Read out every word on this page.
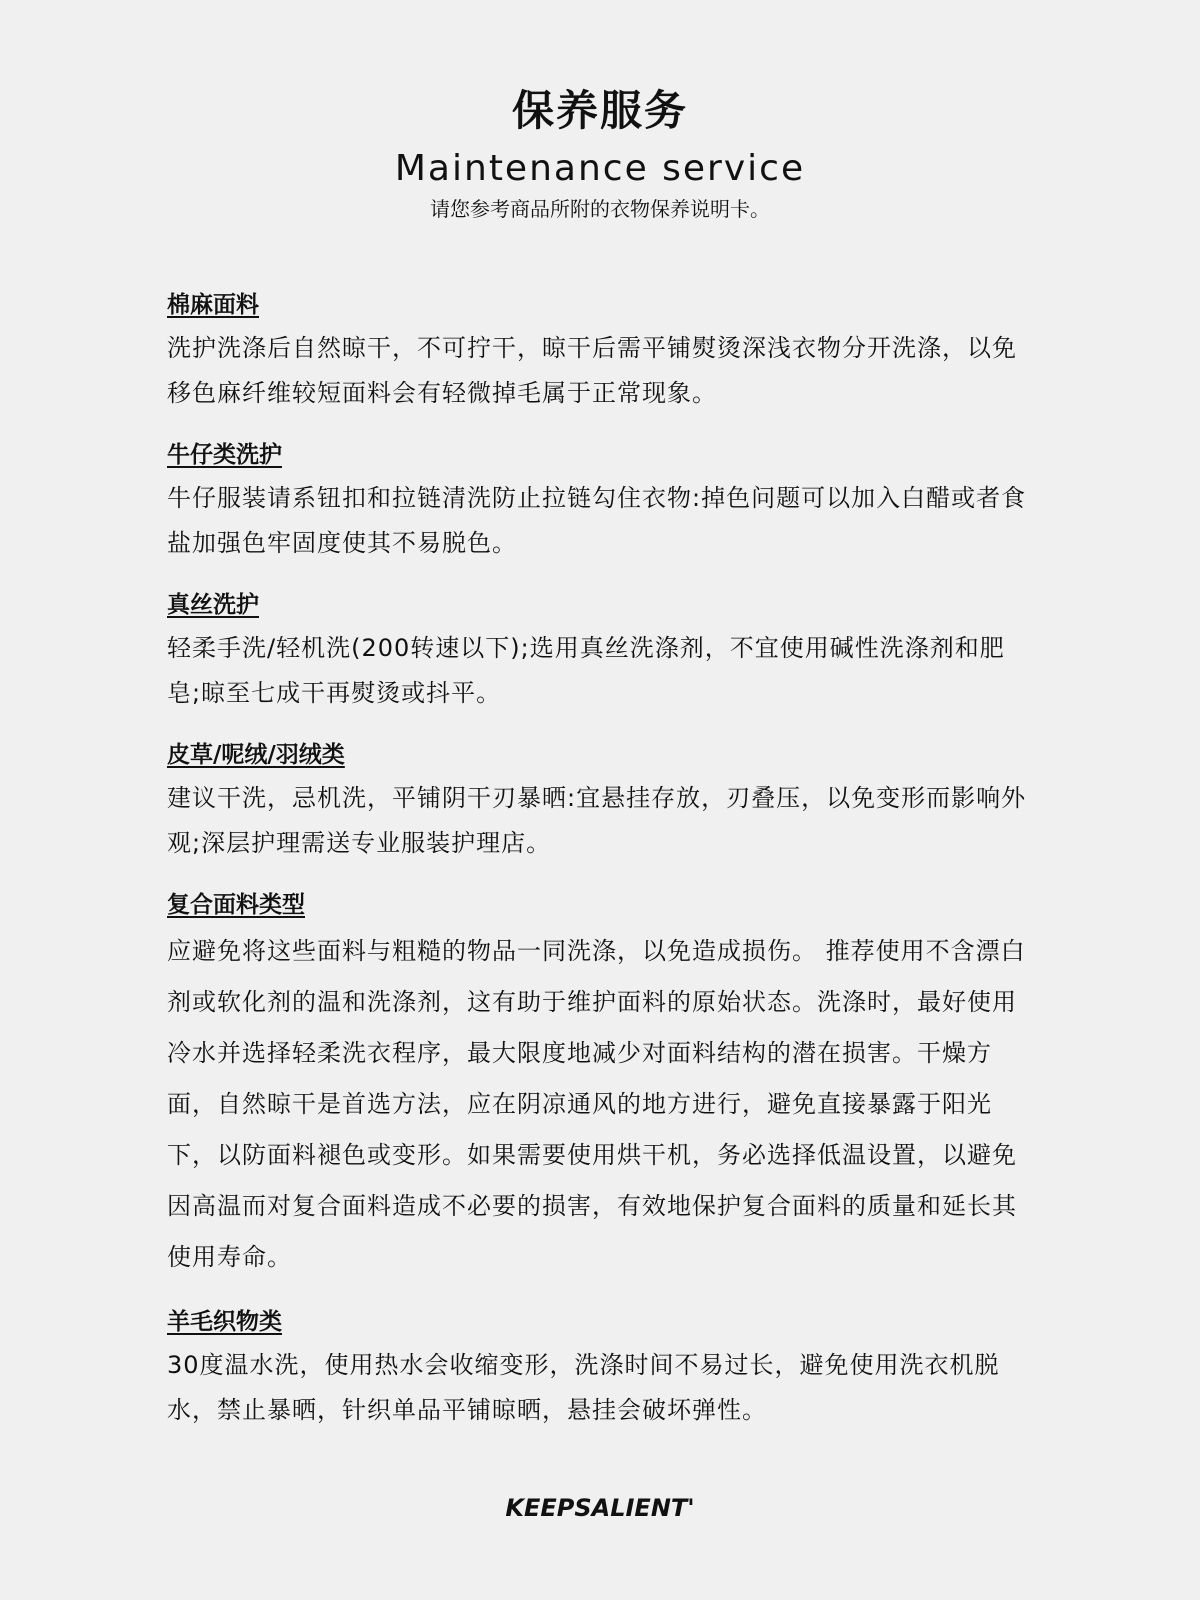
保养服务
Maintenance service

请您参考商品所附的衣物保养说明卡。

棉麻面料

洗护洗涤后自然晾干，不可拧干，晾干后需平铺熨烫深浅衣物分开洗涤，以免移色麻纤维较短面料会有轻微掉毛属于正常现象。

牛仔类洗护

牛仔服装请系钮扣和拉链清洗防止拉链勾住衣物:掉色问题可以加入白醋或者食盐加强色牢固度使其不易脱色。

真丝洗护

轻柔手洗/轻机洗(200转速以下);选用真丝洗涤剂，不宜使用碱性洗涤剂和肥皂;晾至七成干再熨烫或抖平。

皮草/呢绒/羽绒类

建议干洗，忌机洗，平铺阴干刃暴晒:宜悬挂存放，刃叠压，以免变形而影响外观;深层护理需送专业服装护理店。

复合面料类型

应避免将这些面料与粗糙的物品一同洗涤，以免造成损伤。 推荐使用不含漂白剂或软化剂的温和洗涤剂，这有助于维护面料的原始状态。洗涤时，最好使用冷水并选择轻柔洗衣程序，最大限度地减少对面料结构的潜在损害。干燥方面，自然晾干是首选方法，应在阴凉通风的地方进行，避免直接暴露于阳光下，以防面料褪色或变形。如果需要使用烘干机，务必选择低温设置，以避免因高温而对复合面料造成不必要的损害，有效地保护复合面料的质量和延长其使用寿命。

羊毛织物类

30度温水洗，使用热水会收缩变形，洗涤时间不易过长，避免使用洗衣机脱水，禁止暴晒，针织单品平铺晾晒，悬挂会破坏弹性。

KEEPSALIENT'
